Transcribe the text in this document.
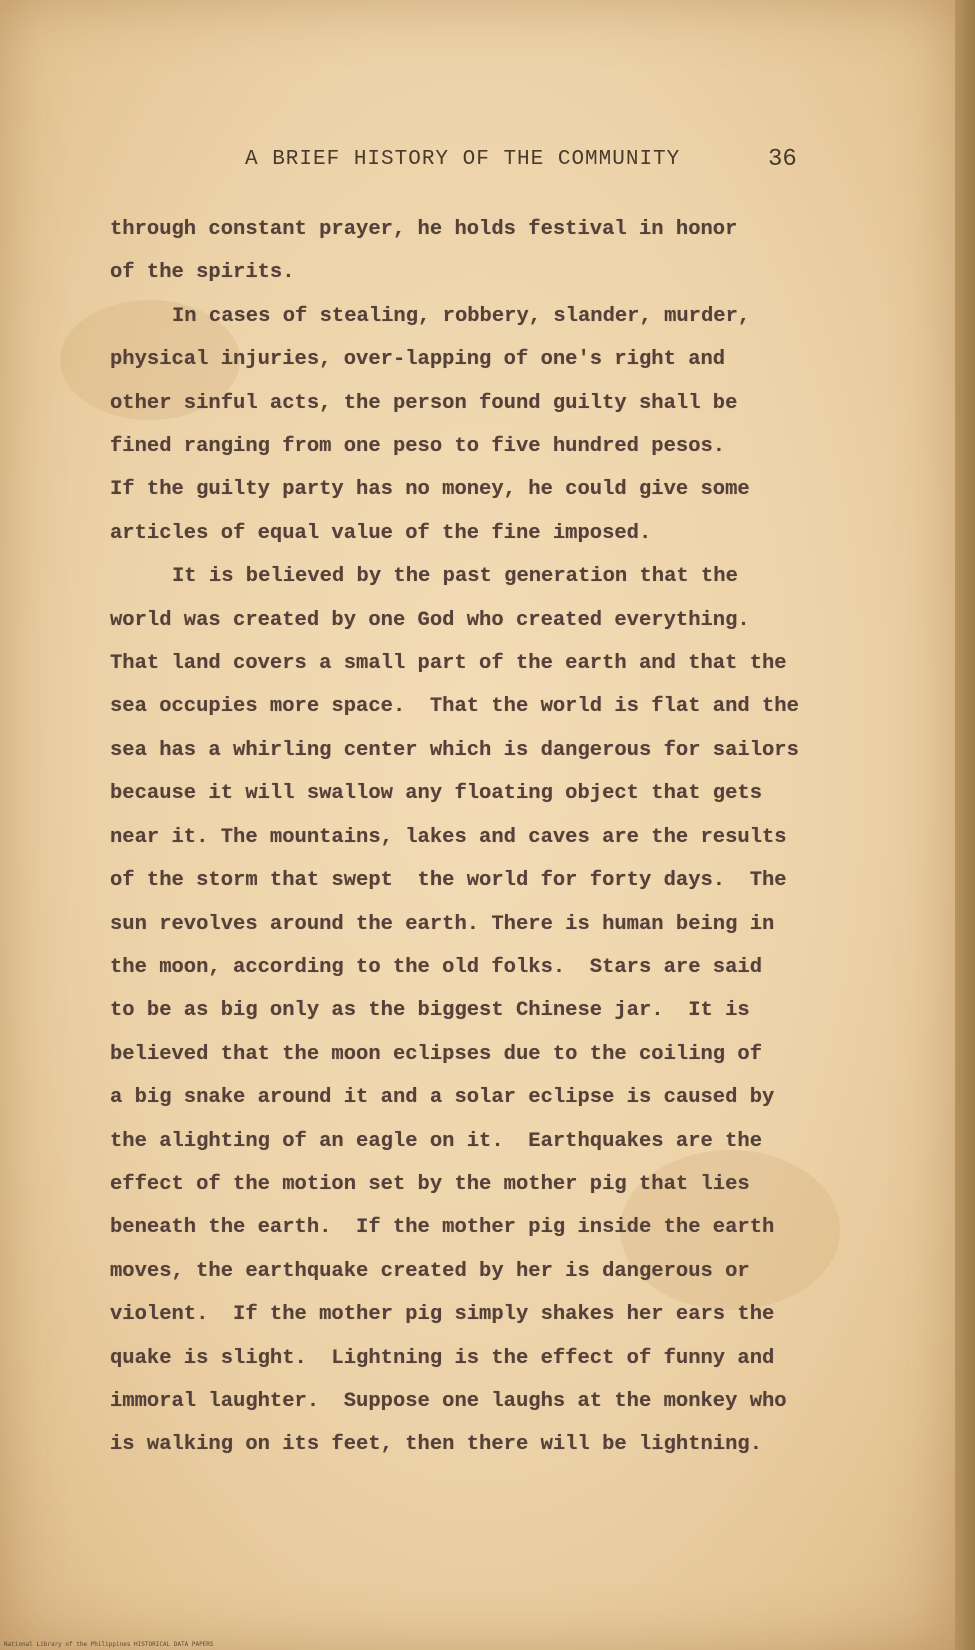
A BRIEF HISTORY OF THE COMMUNITY	36

through constant prayer, he holds festival in honor
of the spirits.

In cases of stealing, robbery, slander, murder,
physical injuries, over-lapping of one's right and
other sinful acts, the person found guilty shall be
fined ranging from one peso to five hundred pesos.
If the guilty party has no money, he could give some
articles of equal value of the fine imposed.

It is believed by the past generation that the
world was created by one God who created everything.
That land covers a small part of the earth and that the
sea occupies more space.  That the world is flat and the
sea has a whirling center which is dangerous for sailors
because it will swallow any floating object that gets
near it. The mountains, lakes and caves are the results
of the storm that swept  the world for forty days.  The
sun revolves around the earth. There is human being in
the moon, according to the old folks.  Stars are said
to be as big only as the biggest Chinese jar.  It is
believed that the moon eclipses due to the coiling of
a big snake around it and a solar eclipse is caused by
the alighting of an eagle on it.  Earthquakes are the
effect of the motion set by the mother pig that lies
beneath the earth.  If the mother pig inside the earth
moves, the earthquake created by her is dangerous or
violent.  If the mother pig simply shakes her ears the
quake is slight.  Lightning is the effect of funny and
immoral laughter.  Suppose one laughs at the monkey who
is walking on its feet, then there will be lightning.

National Library of the Philippines HISTORICAL DATA PAPERS
